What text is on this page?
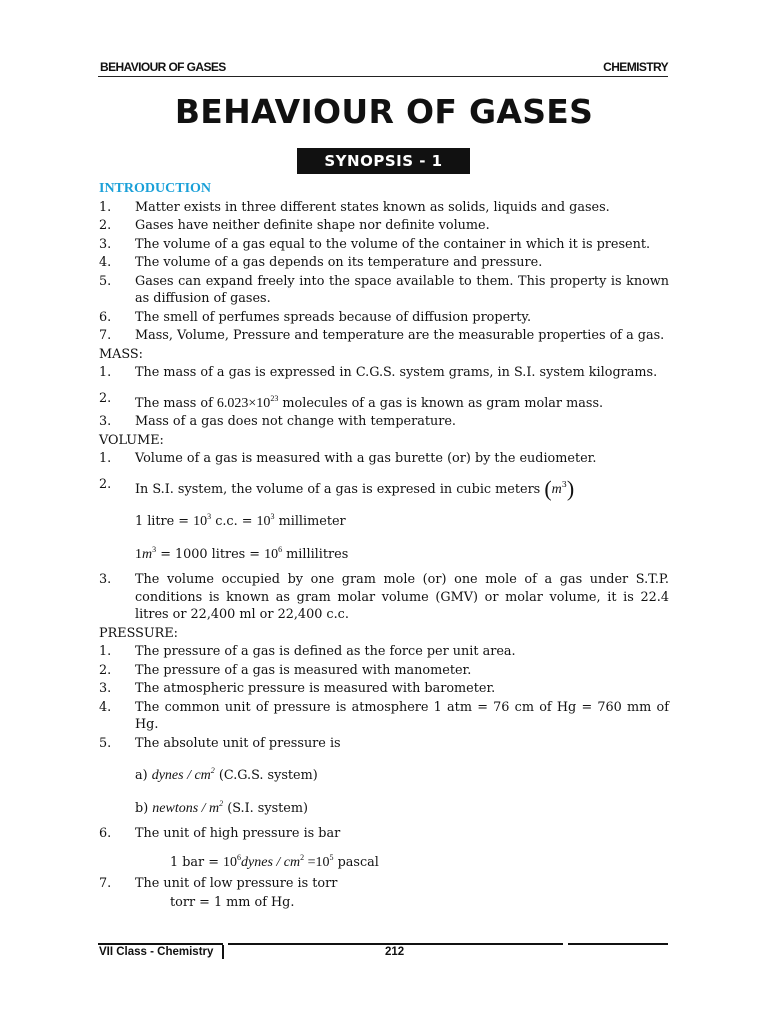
BEHAVIOUR OF GASES	CHEMISTRY
BEHAVIOUR OF GASES
SYNOPSIS - 1
INTRODUCTION
1.	Matter exists in three different states known as solids, liquids and gases.
2.	Gases have neither definite shape nor definite volume.
3.	The volume of a gas equal to the volume of the container in which it is present.
4.	The volume of a gas depends on its temperature and pressure.
5.	Gases can expand freely into the space available to them. This property is known as diffusion of gases.
6.	The smell of perfumes spreads because of diffusion property.
7.	Mass, Volume, Pressure and temperature are the measurable properties of a gas.
MASS:
1.	The mass of a gas is expressed in C.G.S. system grams, in S.I. system kilograms.
2.	The mass of $6.023\times 10^{23}$ molecules of a gas is known as gram molar mass.
3.	Mass of a gas does not change with temperature.
VOLUME:
1.	Volume of a gas is measured with a gas burette (or) by the eudiometer.
2.	In S.I. system, the volume of a gas is expresed in cubic meters $(m^3)$
1 litre = $10^3$ c.c. = $10^3$ millimeter
$1m^3 = 1000$ litres = $10^6$ millilitres
3.	The volume occupied by one gram mole (or) one mole of a gas under S.T.P. conditions is known as gram molar volume (GMV) or molar volume, it is 22.4 litres or 22,400 ml or 22,400 c.c.
PRESSURE:
1.	The pressure of a gas is defined as the force per unit area.
2.	The pressure of a gas is measured with manometer.
3.	The atmospheric pressure is measured with barometer.
4.	The common unit of pressure is atmosphere 1 atm = 76 cm of Hg = 760 mm of Hg.
5.	The absolute unit of pressure is
a) dynes / $cm^2$ (C.G.S. system)
b) newtons / $m^2$ (S.I. system)
6.	The unit of high pressure is bar
1 bar = $10^6dynes / cm^2 =10^5$ pascal
7.	The unit of low pressure is torr
torr = 1 mm of Hg.
VII Class - Chemistry	212
